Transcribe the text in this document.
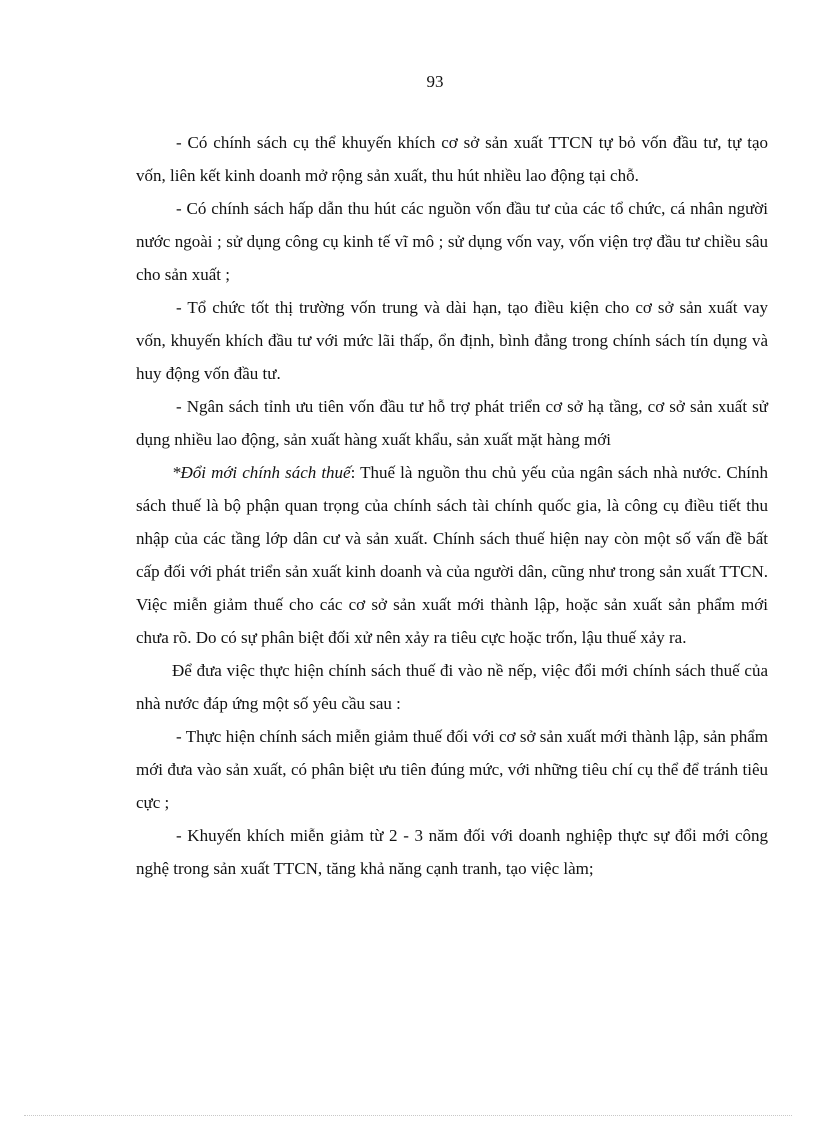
93

- Có chính sách cụ thể khuyến khích cơ sở sản xuất TTCN tự bỏ vốn đầu tư, tự tạo vốn, liên kết kinh doanh mở rộng sản xuất, thu hút nhiều lao động tại chỗ.

- Có chính sách hấp dẫn thu hút các nguồn vốn đầu tư của các tổ chức, cá nhân người nước ngoài ; sử dụng công cụ kinh tế vĩ mô ; sử dụng vốn vay, vốn viện trợ đầu tư chiều sâu cho sản xuất ;

- Tổ chức tốt thị trường vốn trung và dài hạn, tạo điều kiện cho cơ sở sản xuất vay vốn, khuyến khích đầu tư với mức lãi thấp, ổn định, bình đẳng trong chính sách tín dụng và huy động vốn đầu tư.

- Ngân sách tỉnh ưu tiên vốn đầu tư hỗ trợ phát triển cơ sở hạ tầng, cơ sở sản xuất sử dụng nhiều lao động, sản xuất hàng xuất khẩu, sản xuất mặt hàng mới

*Đổi mới chính sách thuế: Thuế là nguồn thu chủ yếu của ngân sách nhà nước. Chính sách thuế là bộ phận quan trọng của chính sách tài chính quốc gia, là công cụ điều tiết thu nhập của các tầng lớp dân cư và sản xuất. Chính sách thuế hiện nay còn một số vấn đề bất cấp đối với phát triển sản xuất kinh doanh và của người dân, cũng như trong sản xuất TTCN. Việc miễn giảm thuế cho các cơ sở sản xuất mới thành lập, hoặc sản xuất sản phẩm mới chưa rõ. Do có sự phân biệt đối xử nên xảy ra tiêu cực hoặc trốn, lậu thuế xảy ra.

Để đưa việc thực hiện chính sách thuế đi vào nề nếp, việc đổi mới chính sách thuế của nhà nước đáp ứng một số yêu cầu sau :

- Thực hiện chính sách miễn giảm thuế đối với cơ sở sản xuất mới thành lập, sản phẩm mới đưa vào sản xuất, có phân biệt ưu tiên đúng mức, với những tiêu chí cụ thể để tránh tiêu cực ;

- Khuyến khích miễn giảm từ 2 - 3 năm đối với doanh nghiệp thực sự đổi mới công nghệ trong sản xuất TTCN, tăng khả năng cạnh tranh, tạo việc làm;
